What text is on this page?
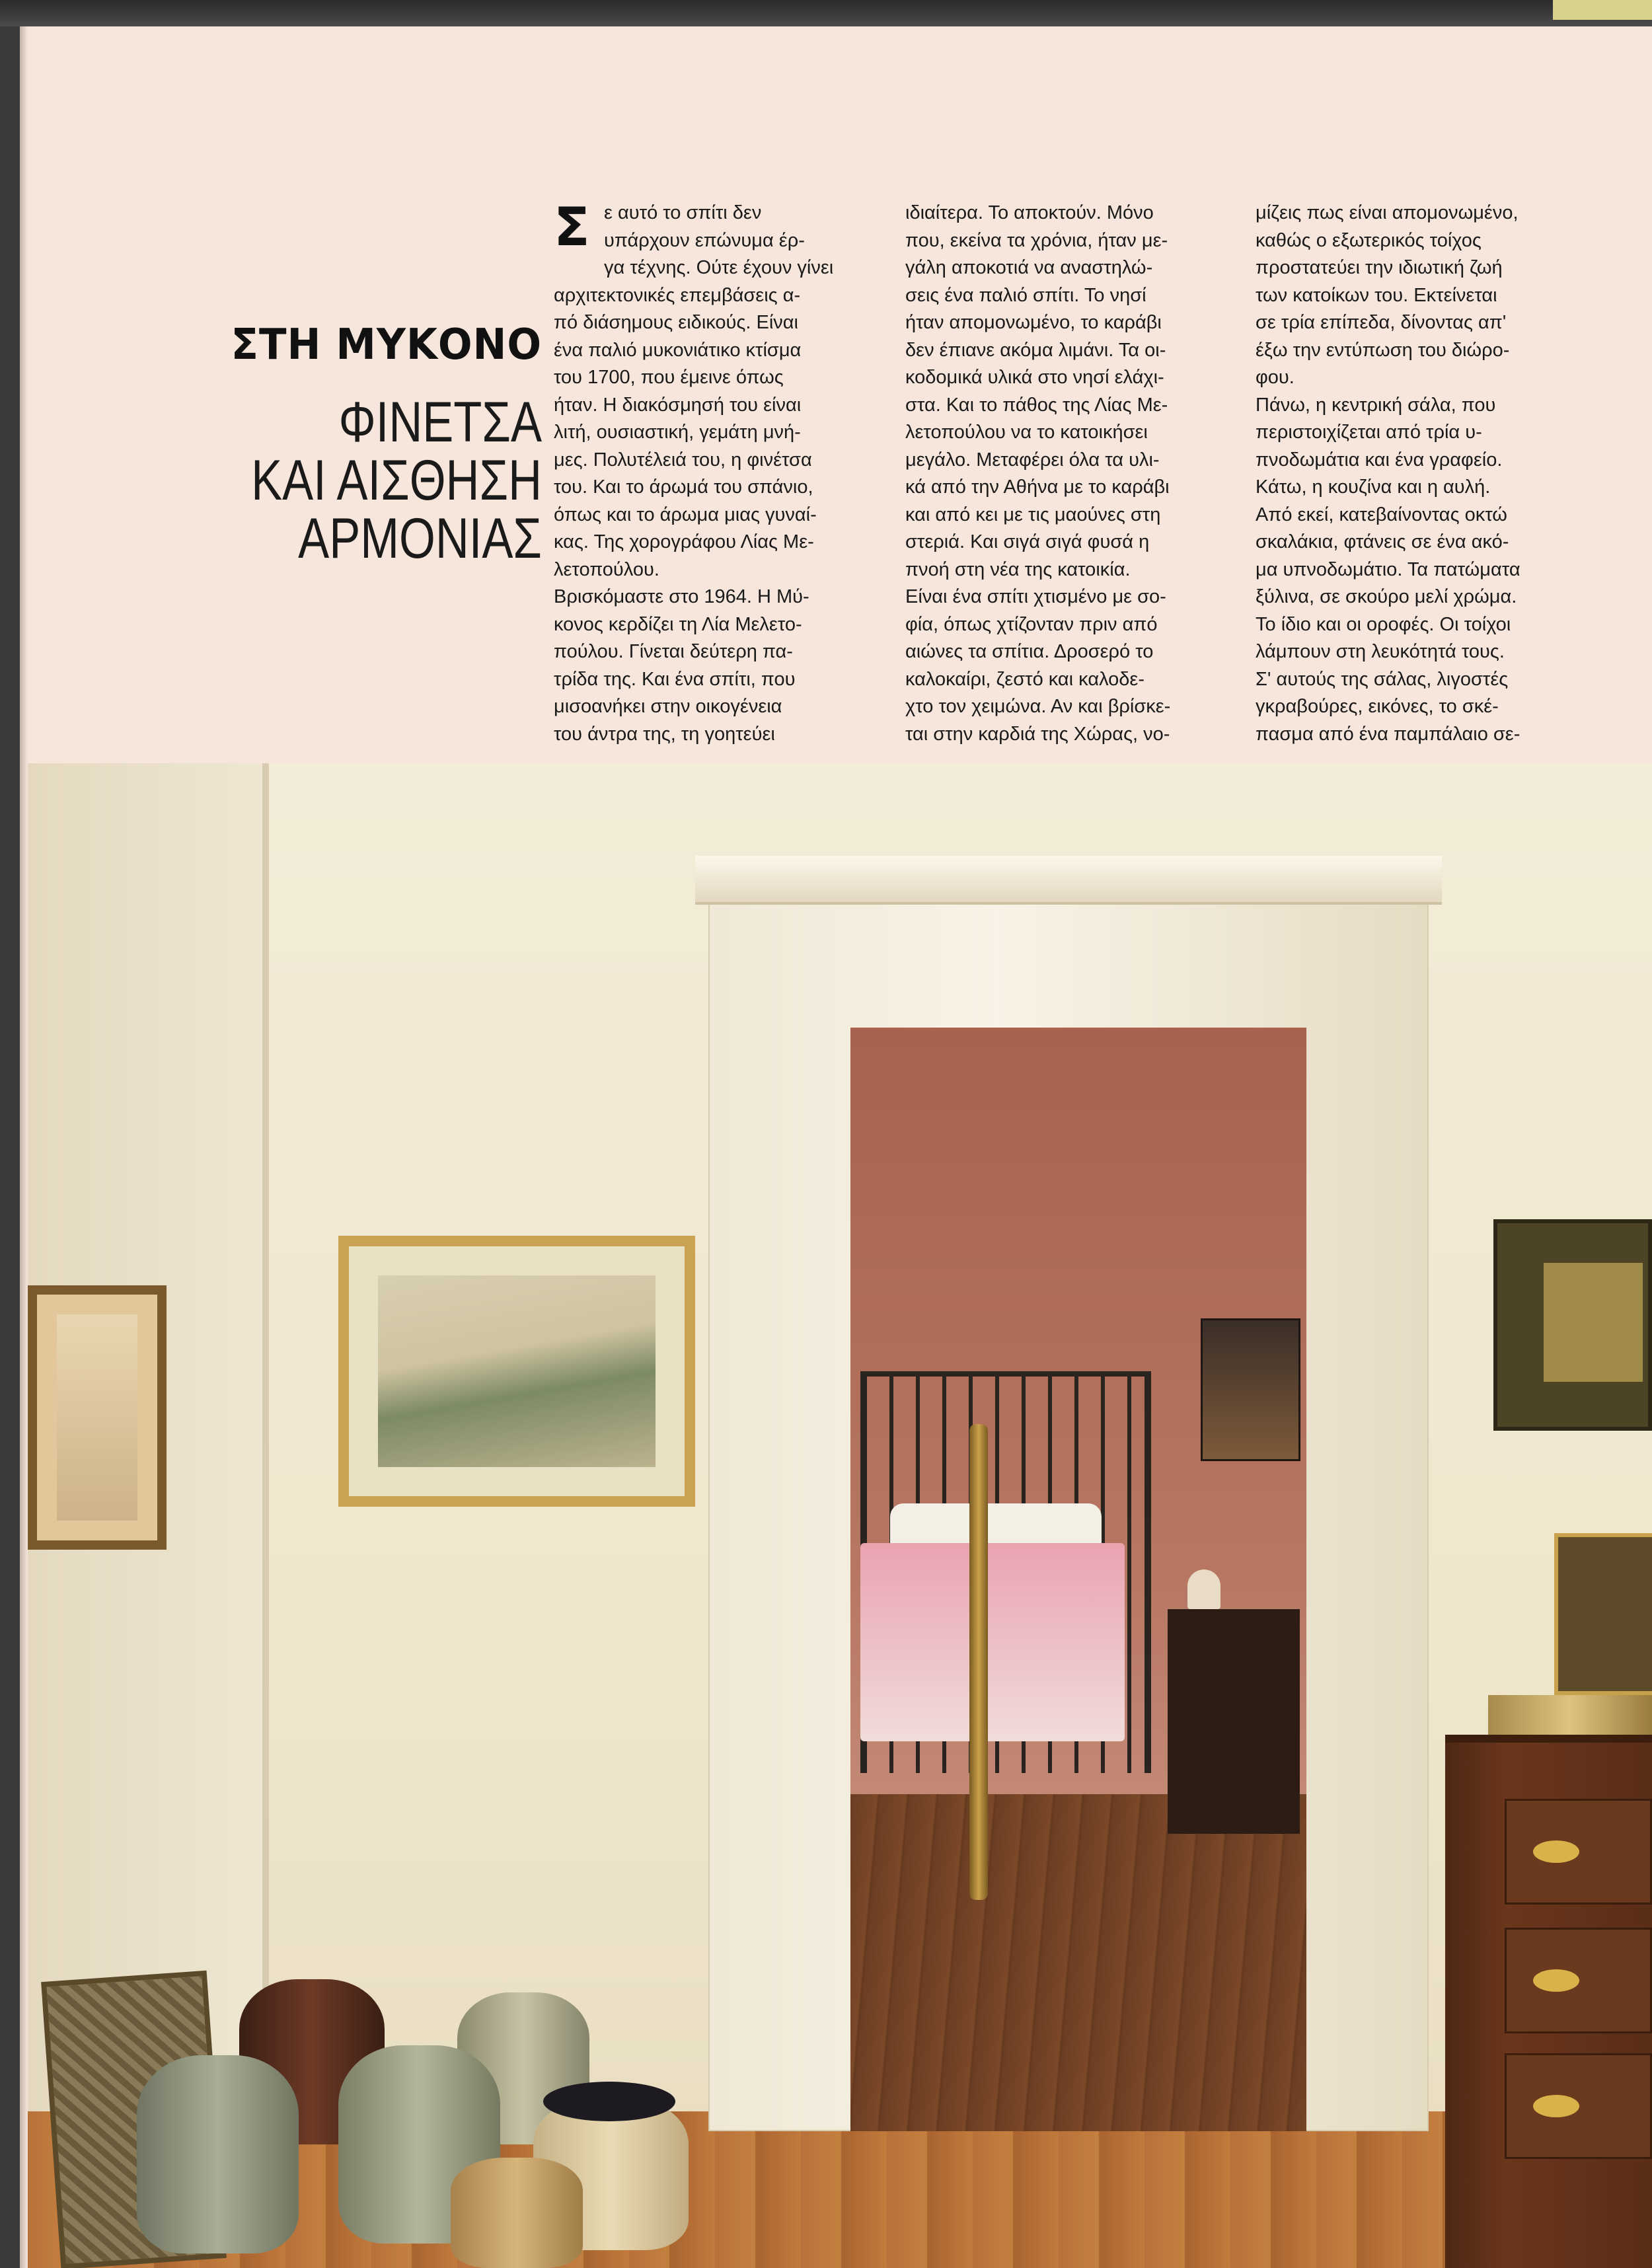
ΣΤΗ ΜΥΚΟΝΟ
ΦΙΝΕΤΣΑ
ΚΑΙ ΑΙΣΘΗΣΗ
ΑΡΜΟΝΙΑΣ
Σ ε αυτό το σπίτι δεν
υπάρχουν επώνυμα έρ-
γα τέχνης. Ούτε έχουν γίνει
αρχιτεκτονικές επεμβάσεις α-
πό διάσημους ειδικούς. Είναι
ένα παλιό μυκονιάτικο κτίσμα
του 1700, που έμεινε όπως
ήταν. Η διακόσμησή του είναι
λιτή, ουσιαστική, γεμάτη μνή-
μες. Πολυτέλειά του, η φινέτσα
του. Και το άρωμά του σπάνιο,
όπως και το άρωμα μιας γυναί-
κας. Της χορογράφου Λίας Με-
λετοπούλου.
Βρισκόμαστε στο 1964. Η Μύ-
κονος κερδίζει τη Λία Μελετο-
πούλου. Γίνεται δεύτερη πα-
τρίδα της. Και ένα σπίτι, που
μισοανήκει στην οικογένεια
του άντρα της, τη γοητεύει
ιδιαίτερα. Το αποκτούν. Μόνο
που, εκείνα τα χρόνια, ήταν με-
γάλη αποκοτιά να αναστηλώ-
σεις ένα παλιό σπίτι. Το νησί
ήταν απομονωμένο, το καράβι
δεν έπιανε ακόμα λιμάνι. Τα οι-
κοδομικά υλικά στο νησί ελάχι-
στα. Και το πάθος της Λίας Με-
λετοπούλου να το κατοικήσει
μεγάλο. Μεταφέρει όλα τα υλι-
κά από την Αθήνα με το καράβι
και από κει με τις μαούνες στη
στεριά. Και σιγά σιγά φυσά η
πνοή στη νέα της κατοικία.
Είναι ένα σπίτι χτισμένο με σο-
φία, όπως χτίζονταν πριν από
αιώνες τα σπίτια. Δροσερό το
καλοκαίρι, ζεστό και καλοδε-
χτο τον χειμώνα. Αν και βρίσκε-
ται στην καρδιά της Χώρας, νο-
μίζεις πως είναι απομονωμένο,
καθώς ο εξωτερικός τοίχος
προστατεύει την ιδιωτική ζωή
των κατοίκων του. Εκτείνεται
σε τρία επίπεδα, δίνοντας απ'
έξω την εντύπωση του διώρο-
φου.
Πάνω, η κεντρική σάλα, που
περιστοιχίζεται από τρία υ-
πνοδωμάτια και ένα γραφείο.
Κάτω, η κουζίνα και η αυλή.
Από εκεί, κατεβαίνοντας οκτώ
σκαλάκια, φτάνεις σε ένα ακό-
μα υπνοδωμάτιο. Τα πατώματα
ξύλινα, σε σκούρο μελί χρώμα.
Το ίδιο και οι οροφές. Οι τοίχοι
λάμπουν στη λευκότητά τους.
Σ' αυτούς της σάλας, λιγοστές
γκραβούρες, εικόνες, το σκέ-
πασμα από ένα παμπάλαιο σε-
